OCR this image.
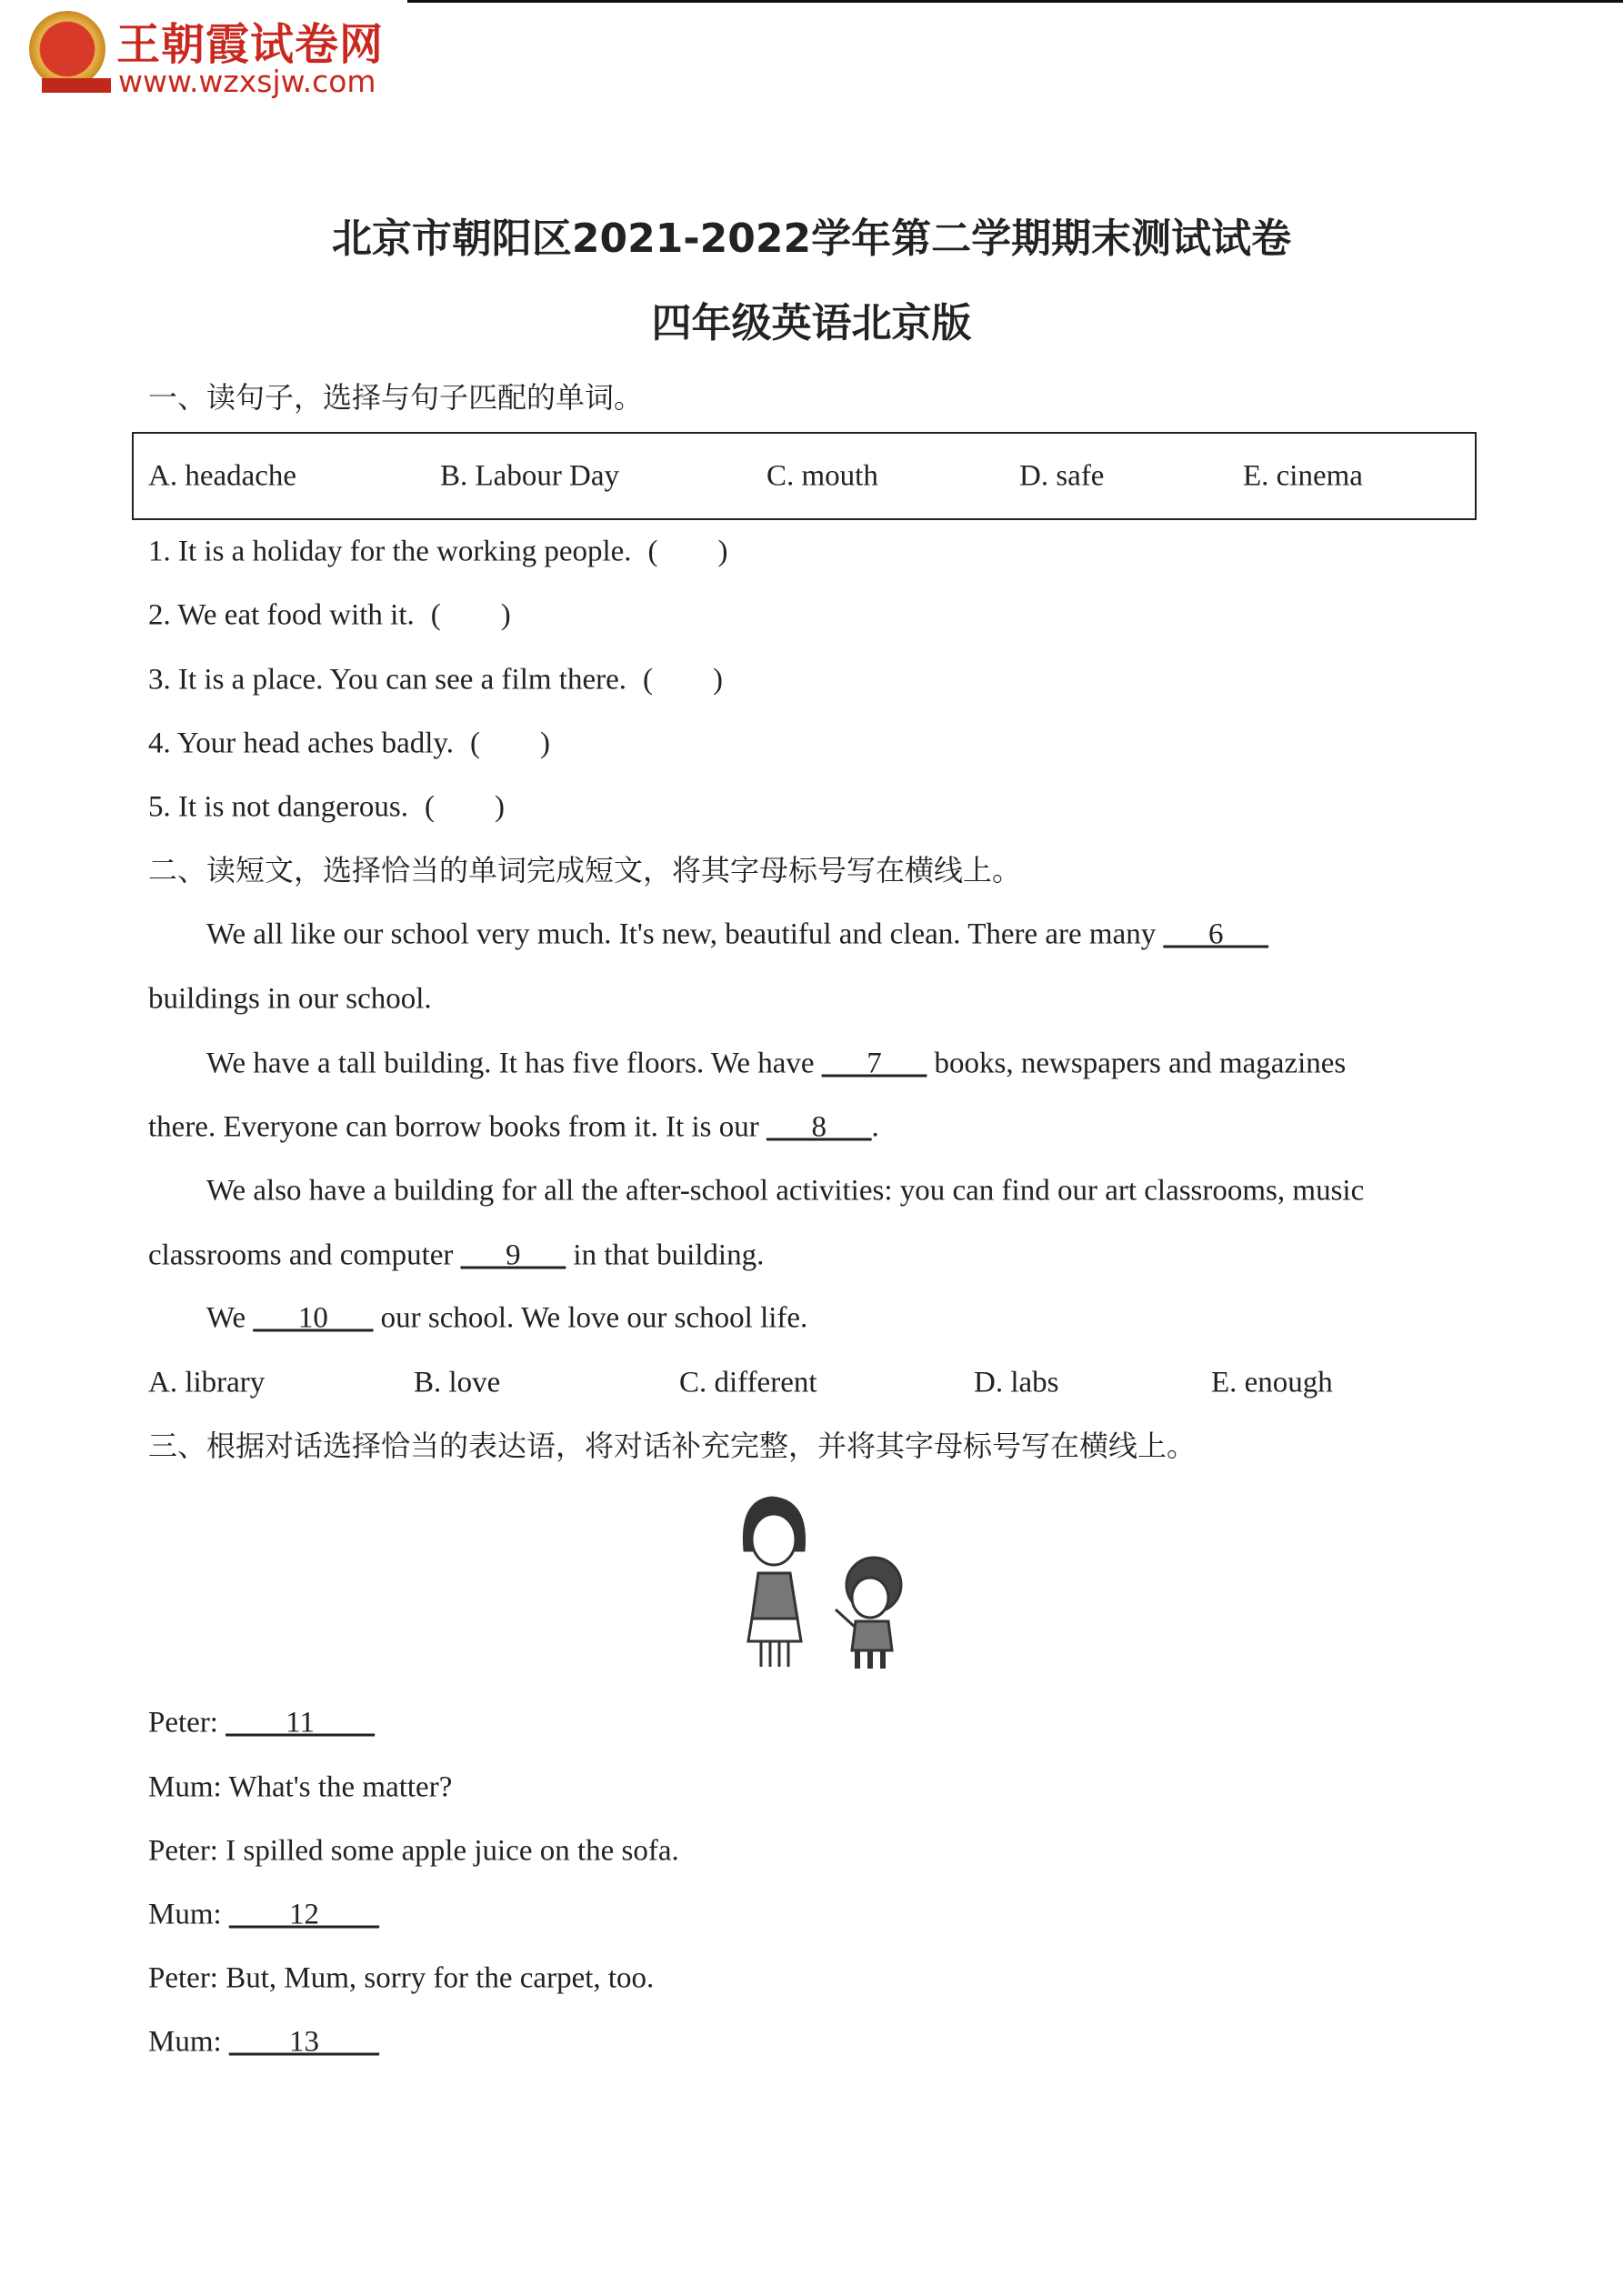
王朝霞试卷网
www.wzxsjw.com
北京市朝阳区2021-2022学年第二学期期末测试试卷
四年级英语北京版
一、读句子，选择与句子匹配的单词。
A. headache	B. Labour Day	C. mouth	D. safe	E. cinema
1. It is a holiday for the working people. (        )
2. We eat food with it. (        )
3. It is a place. You can see a film there. (        )
4. Your head aches badly. (        )
5. It is not dangerous. (        )
二、读短文，选择恰当的单词完成短文，将其字母标号写在横线上。
We all like our school very much. It's new, beautiful and clean. There are many ___6___
buildings in our school.
We have a tall building. It has five floors. We have ___7___ books, newspapers and magazines
there. Everyone can borrow books from it. It is our ___8___.
We also have a building for all the after-school activities: you can find our art classrooms, music
classrooms and computer ___9___ in that building.
We ___10___ our school. We love our school life.
A. library	B. love	C. different	D. labs	E. enough
三、根据对话选择恰当的表达语，将对话补充完整，并将其字母标号写在横线上。
Peter: ____11____
Mum: What's the matter?
Peter: I spilled some apple juice on the sofa.
Mum: ____12____
Peter: But, Mum, sorry for the carpet, too.
Mum: ____13____
